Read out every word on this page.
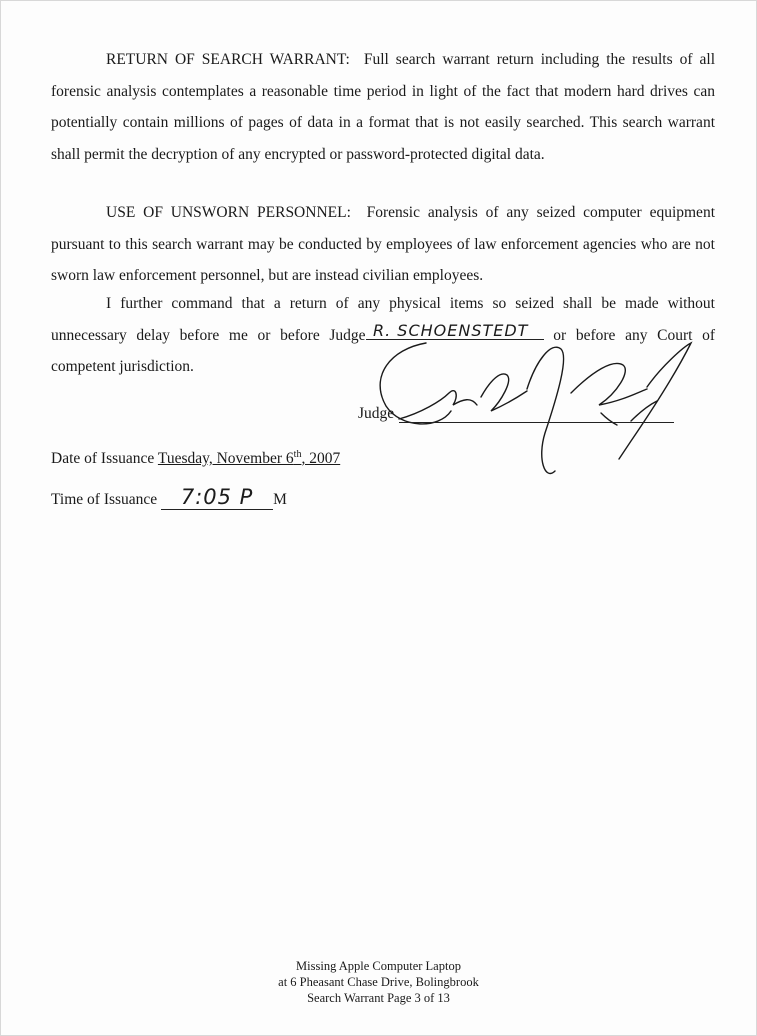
RETURN OF SEARCH WARRANT: Full search warrant return including the results of all forensic analysis contemplates a reasonable time period in light of the fact that modern hard drives can potentially contain millions of pages of data in a format that is not easily searched. This search warrant shall permit the decryption of any encrypted or password-protected digital data.

USE OF UNSWORN PERSONNEL: Forensic analysis of any seized computer equipment pursuant to this search warrant may be conducted by employees of law enforcement agencies who are not sworn law enforcement personnel, but are instead civilian employees.

I further command that a return of any physical items so seized shall be made without unnecessary delay before me or before Judge	or before any Court of competent jurisdiction.

R. SCHOENSTEDT
Judge
Date of Issuance Tuesday, November 6th, 2007
Time of Issuance 7:05 P M
Missing Apple Computer Laptop
at 6 Pheasant Chase Drive, Bolingbrook
Search Warrant Page 3 of 13
